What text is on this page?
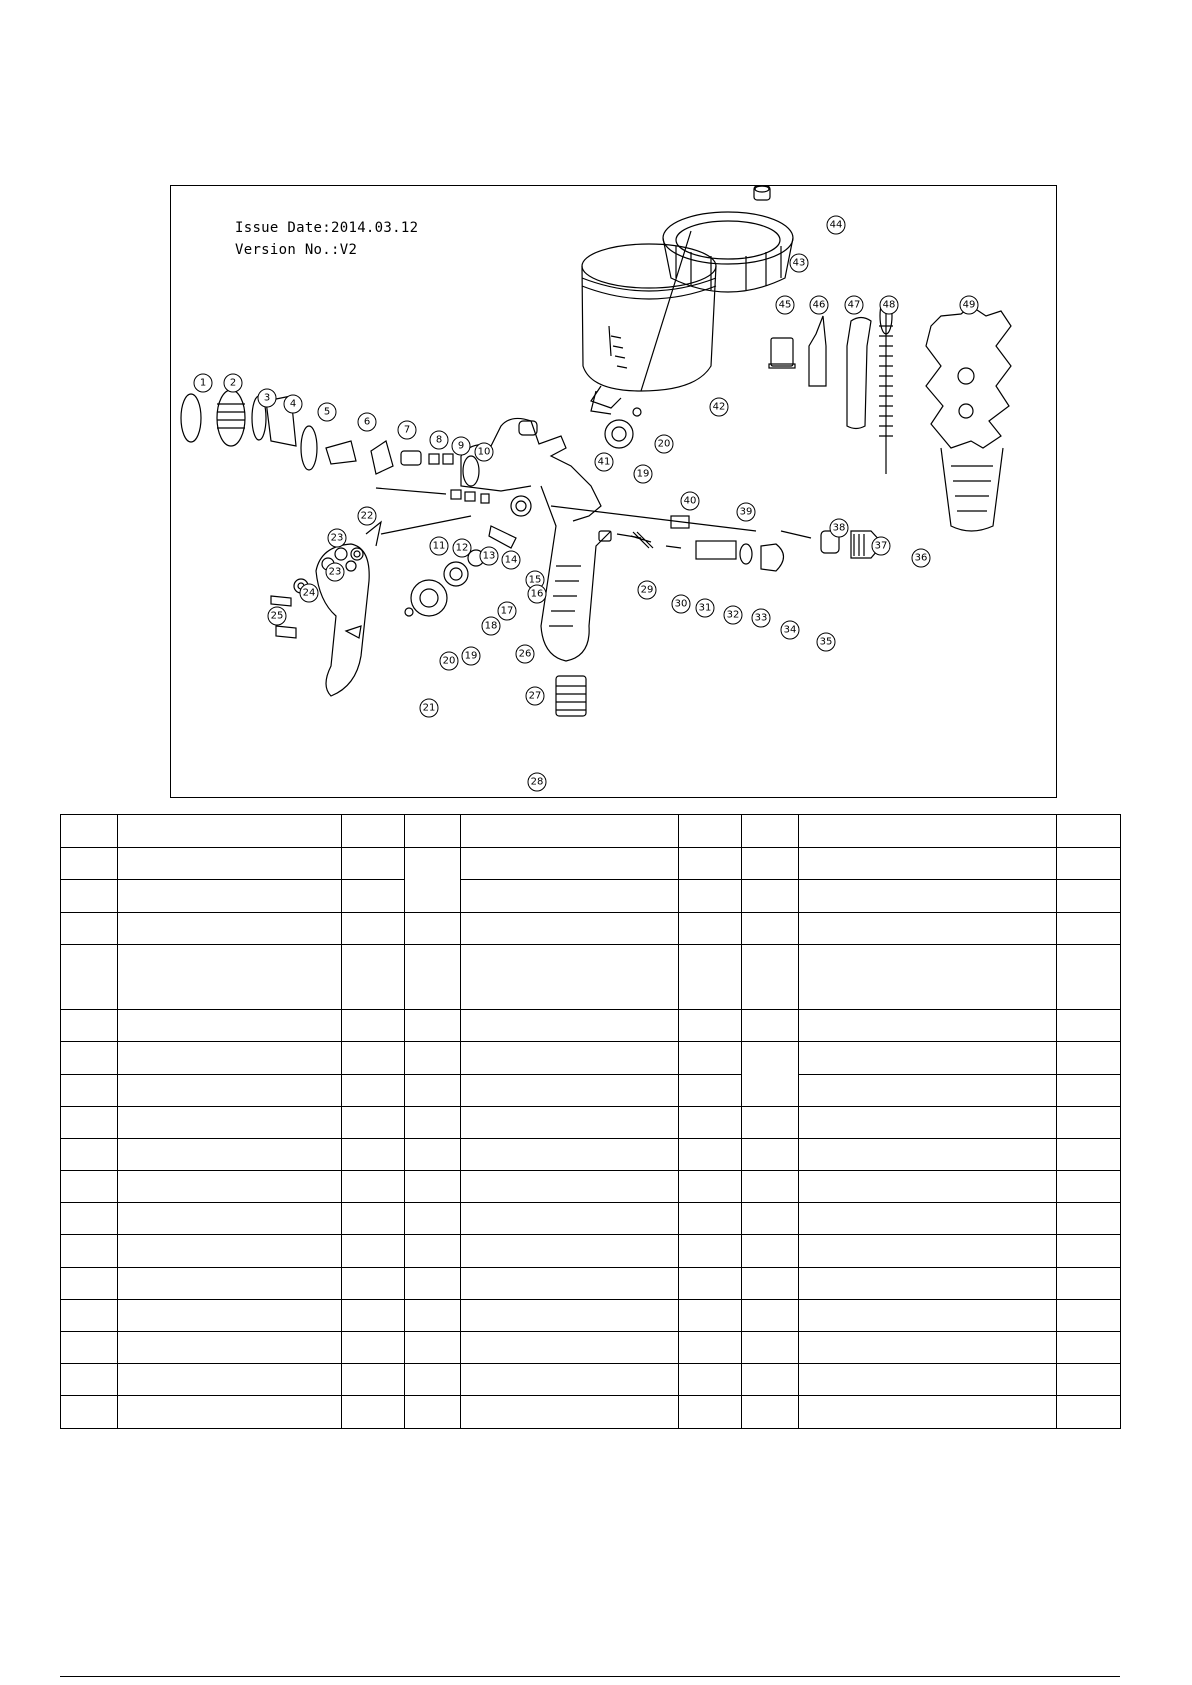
Issue Date:2014.03.12
Version No.:V2
1 2
3
4
5
6
7
8
9
10
11 12
13 14
15
16
17
18
19
19
20
20
21
22
23
23
24
25
26
27
28
29
30 31
32 33
34
35
36
37
38
39
40
41
42
43
44
45 46 47 48	49
